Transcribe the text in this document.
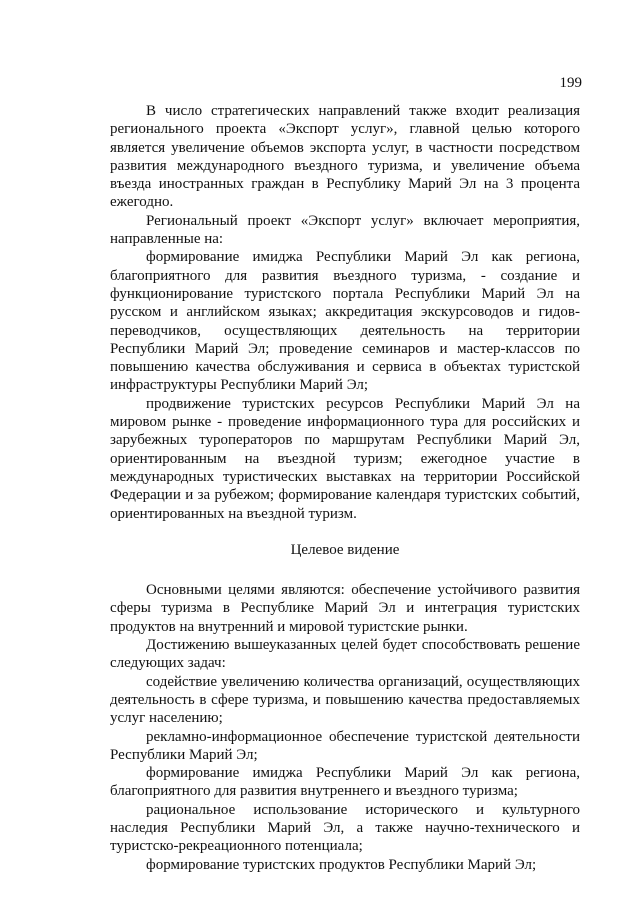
199

В число стратегических направлений также входит реализация регионального проекта «Экспорт услуг», главной целью которого является увеличение объемов экспорта услуг, в частности посредством развития международного въездного туризма, и увеличение объема въезда иностранных граждан в Республику Марий Эл на 3 процента ежегодно.

Региональный проект «Экспорт услуг» включает мероприятия, направленные на:

формирование имиджа Республики Марий Эл как региона, благоприятного для развития въездного туризма, - создание и функционирование туристского портала Республики Марий Эл на русском и английском языках; аккредитация экскурсоводов и гидов-переводчиков, осуществляющих деятельность на территории Республики Марий Эл; проведение семинаров и мастер-классов по повышению качества обслуживания и сервиса в объектах туристской инфраструктуры Республики Марий Эл;

продвижение туристских ресурсов Республики Марий Эл на мировом рынке - проведение информационного тура для российских и зарубежных туроператоров по маршрутам Республики Марий Эл, ориентированным на въездной туризм; ежегодное участие в международных туристических выставках на территории Российской Федерации и за рубежом; формирование календаря туристских событий, ориентированных на въездной туризм.

Целевое видение

Основными целями являются: обеспечение устойчивого развития сферы туризма в Республике Марий Эл и интеграция туристских продуктов на внутренний и мировой туристские рынки.

Достижению вышеуказанных целей будет способствовать решение следующих задач:

содействие увеличению количества организаций, осуществляющих деятельность в сфере туризма, и повышению качества предоставляемых услуг населению;

рекламно-информационное обеспечение туристской деятельности Республики Марий Эл;

формирование имиджа Республики Марий Эл как региона, благоприятного для развития внутреннего и въездного туризма;

рациональное использование исторического и культурного наследия Республики Марий Эл, а также научно-технического и туристско-рекреационного потенциала;

формирование туристских продуктов Республики Марий Эл;
